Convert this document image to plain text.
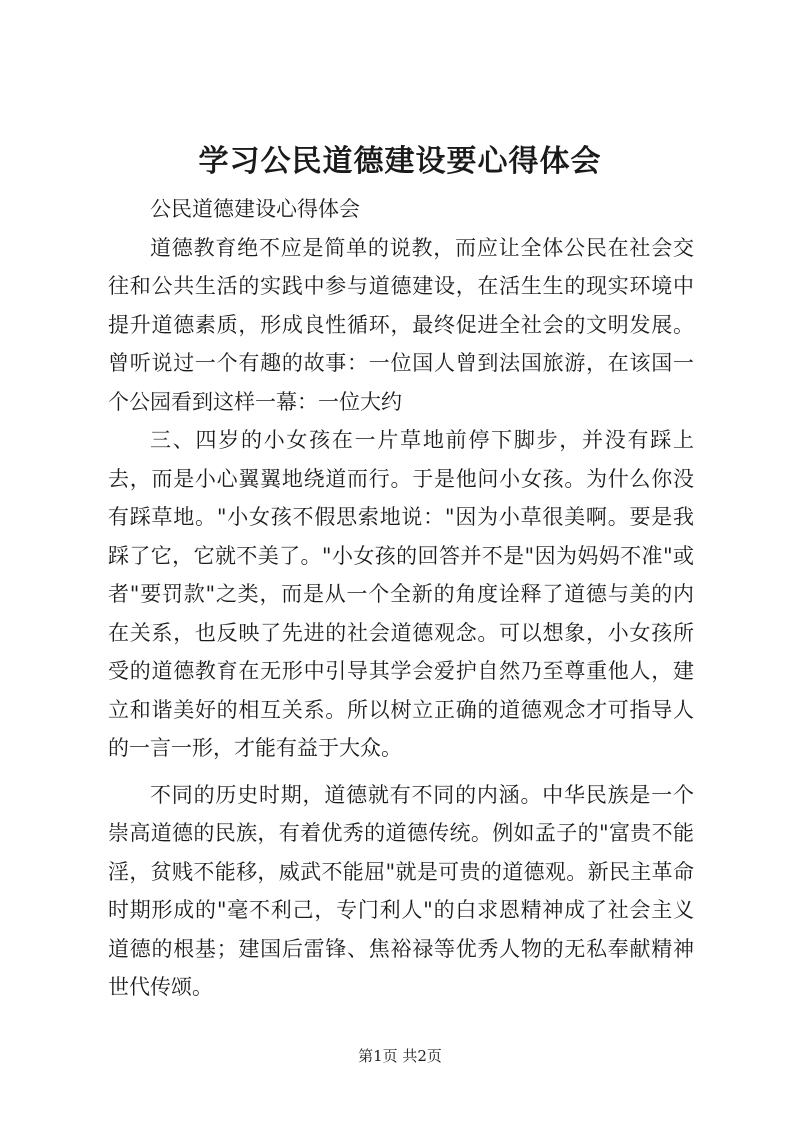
学习公民道德建设要心得体会

公民道德建设心得体会

道德教育绝不应是简单的说教，而应让全体公民在社会交往和公共生活的实践中参与道德建设，在活生生的现实环境中提升道德素质，形成良性循环，最终促进全社会的文明发展。曾听说过一个有趣的故事：一位国人曾到法国旅游，在该国一个公园看到这样一幕：一位大约

三、四岁的小女孩在一片草地前停下脚步，并没有踩上去，而是小心翼翼地绕道而行。于是他问小女孩。为什么你没有踩草地。"小女孩不假思索地说："因为小草很美啊。要是我踩了它，它就不美了。"小女孩的回答并不是"因为妈妈不准"或者"要罚款"之类，而是从一个全新的角度诠释了道德与美的内在关系，也反映了先进的社会道德观念。可以想象，小女孩所受的道德教育在无形中引导其学会爱护自然乃至尊重他人，建立和谐美好的相互关系。所以树立正确的道德观念才可指导人的一言一形，才能有益于大众。

不同的历史时期，道德就有不同的内涵。中华民族是一个崇高道德的民族，有着优秀的道德传统。例如孟子的"富贵不能淫，贫贱不能移，威武不能屈"就是可贵的道德观。新民主革命时期形成的"毫不利己，专门利人"的白求恩精神成了社会主义道德的根基；建国后雷锋、焦裕禄等优秀人物的无私奉献精神世代传颂。

第1页 共2页
